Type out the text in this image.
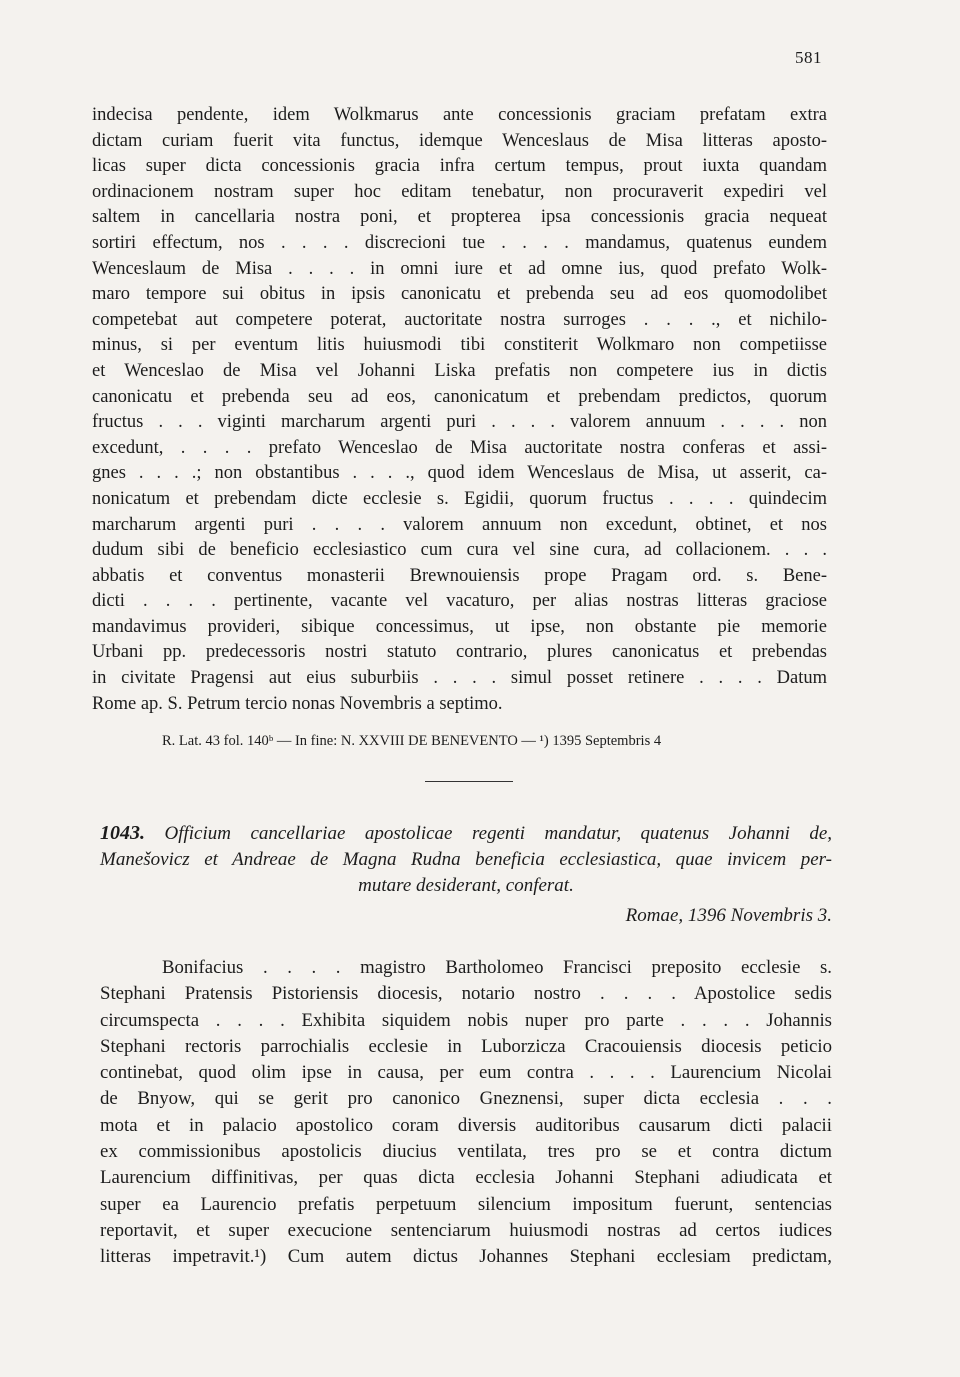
581
indecisa pendente, idem Wolkmarus ante concessionis graciam prefatam extra
dictam curiam fuerit vita functus, idemque Wenceslaus de Misa litteras aposto-
licas super dicta concessionis gracia infra certum tempus, prout iuxta quandam
ordinacionem nostram super hoc editam tenebatur, non procuraverit expediri vel
saltem in cancellaria nostra poni, et propterea ipsa concessionis gracia nequeat
sortiri effectum, nos . . . . discrecioni tue . . . . mandamus, quatenus eundem
Wenceslaum de Misa . . . . in omni iure et ad omne ius, quod prefato Wolk-
maro tempore sui obitus in ipsis canonicatu et prebenda seu ad eos quomodolibet
competebat aut competere poterat, auctoritate nostra surroges . . . ., et nichilo-
minus, si per eventum litis huiusmodi tibi constiterit Wolkmaro non competiisse
et Wenceslao de Misa vel Johanni Liska prefatis non competere ius in dictis
canonicatu et prebenda seu ad eos, canonicatum et prebendam predictos, quorum
fructus . . . viginti marcharum argenti puri . . . . valorem annuum . . . . non
excedunt, . . . . prefato Wenceslao de Misa auctoritate nostra conferas et assi-
gnes . . . .; non obstantibus . . . ., quod idem Wenceslaus de Misa, ut asserit, ca-
nonicatum et prebendam dicte ecclesie s. Egidii, quorum fructus . . . . quindecim
marcharum argenti puri . . . . valorem annuum non excedunt, obtinet, et nos
dudum sibi de beneficio ecclesiastico cum cura vel sine cura, ad collacionem. . . .
abbatis et conventus monasterii Brewnouiensis prope Pragam ord. s. Bene-
dicti . . . . pertinente, vacante vel vacaturo, per alias nostras litteras graciose
mandavimus provideri, sibique concessimus, ut ipse, non obstante pie memorie
Urbani pp. predecessoris nostri statuto contrario, plures canonicatus et prebendas
in civitate Pragensi aut eius suburbiis . . . . simul posset retinere . . . . Datum
Rome ap. S. Petrum tercio nonas Novembris a septimo.
R. Lat. 43 fol. 140ᵇ — In fine: N. XXVIII DE BENEVENTO — ¹) 1395 Septembris 4
1043. Officium cancellariae apostolicae regenti mandatur, quatenus Johanni de,
Manešovicz et Andreae de Magna Rudna beneficia ecclesiastica, quae invicem per-
mutare desiderant, conferat.
Romae, 1396 Novembris 3.
Bonifacius . . . . magistro Bartholomeo Francisci preposito ecclesie s.
Stephani Pratensis Pistoriensis diocesis, notario nostro . . . . Apostolice sedis
circumspecta . . . . Exhibita siquidem nobis nuper pro parte . . . . Johannis
Stephani rectoris parrochialis ecclesie in Luborzicza Cracouiensis diocesis peticio
continebat, quod olim ipse in causa, per eum contra . . . . Laurencium Nicolai
de Bnyow, qui se gerit pro canonico Gneznensi, super dicta ecclesia . . .
mota et in palacio apostolico coram diversis auditoribus causarum dicti palacii
ex commissionibus apostolicis diucius ventilata, tres pro se et contra dictum
Laurencium diffinitivas, per quas dicta ecclesia Johanni Stephani adiudicata et
super ea Laurencio prefatis perpetuum silencium impositum fuerunt, sentencias
reportavit, et super execucione sentenciarum huiusmodi nostras ad certos iudices
litteras impetravit.¹) Cum autem dictus Johannes Stephani ecclesiam predictam,
